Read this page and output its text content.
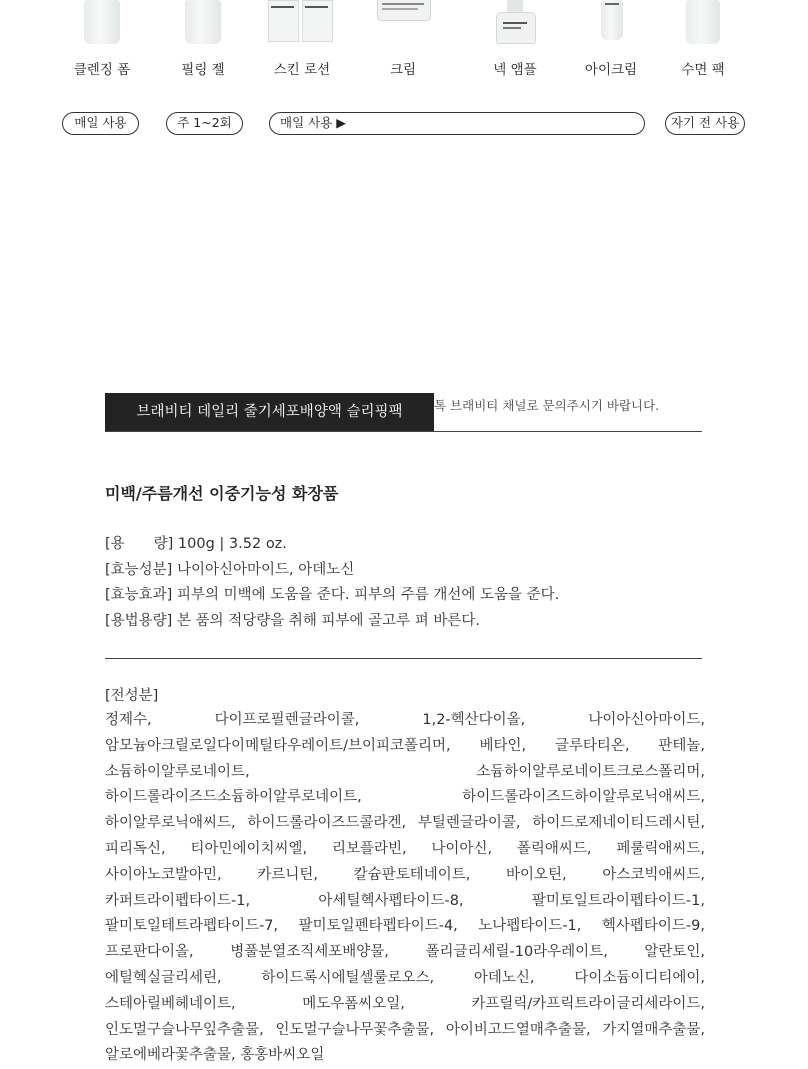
클렌징 폼	필링 젤	스킨 로션	크림	넥 앰플	아이크림	수면 팩
매일 사용	주 1~2회	매일 사용 ▶	자기 전 사용
톡 브래비티 채널로 문의주시기 바랍니다.
브래비티 데일리 줄기세포배양액 슬리핑팩
미백/주름개선 이중기능성 화장품
[용　　량] 100g | 3.52 oz.
[효능성분] 나이아신아마이드, 아데노신
[효능효과] 피부의 미백에 도움을 준다. 피부의 주름 개선에 도움을 준다.
[용법용량] 본 품의 적당량을 취해 피부에 골고루 펴 바른다.
[전성분]
정제수, 다이프로필렌글라이콜, 1,2-헥산다이올, 나이아신아마이드, 암모늄아크릴로일다이메틸타우레이트/브이피코폴리머, 베타인, 글루타티온, 판테놀, 소듐하이알루로네이트, 소듐하이알루로네이트크로스폴리머, 하이드롤라이즈드소듐하이알루로네이트, 하이드롤라이즈드하이알루로닉애씨드, 하이알루로닉애씨드, 하이드롤라이즈드콜라겐, 부틸렌글라이콜, 하이드로제네이티드레시틴, 피리독신, 티아민에이치씨엘, 리보플라빈, 나이아신, 폴릭애씨드, 페룰릭애씨드, 사이아노코발아민, 카르니틴, 칼슘판토테네이트, 바이오틴, 아스코빅애씨드, 카퍼트라이펩타이드-1, 아세틸헥사펩타이드-8, 팔미토일트라이펩타이드-1, 팔미토일테트라펩타이드-7, 팔미토일펜타펩타이드-4, 노나펩타이드-1, 헥사펩타이드-9, 프로판다이올, 병풀분열조직세포배양물, 폴리글리세릴-10라우레이트, 알란토인, 에틸헥실글리세린, 하이드록시에틸셀룰로오스, 아데노신, 다이소듐이디티에이, 스테아릴베헤네이트, 메도우폼씨오일, 카프릴릭/카프릭트라이글리세라이드, 인도멀구슬나무잎추출물, 인도멀구슬나무꽃추출물, 아이비고드열매추출물, 가지열매추출물, 알로에베라꽃추출물, 홍홍바씨오일
